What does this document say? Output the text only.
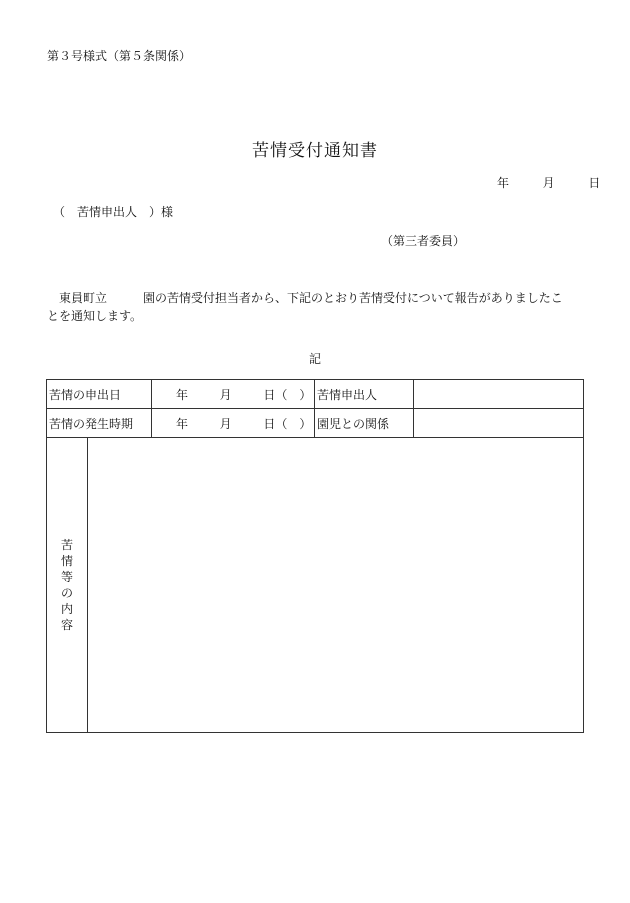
第３号様式（第５条関係）
苦情受付通知書
年	月	日
（　苦情申出人　）様
（第三者委員）
東員町立　　　園の苦情受付担当者から、下記のとおり苦情受付について報告がありましたこ
とを通知します。
記
苦情の申出日	年 月 日（　）	苦情申出人	
苦情の発生時期	年 月 日（　）	園児との関係	

苦情等の内容			
